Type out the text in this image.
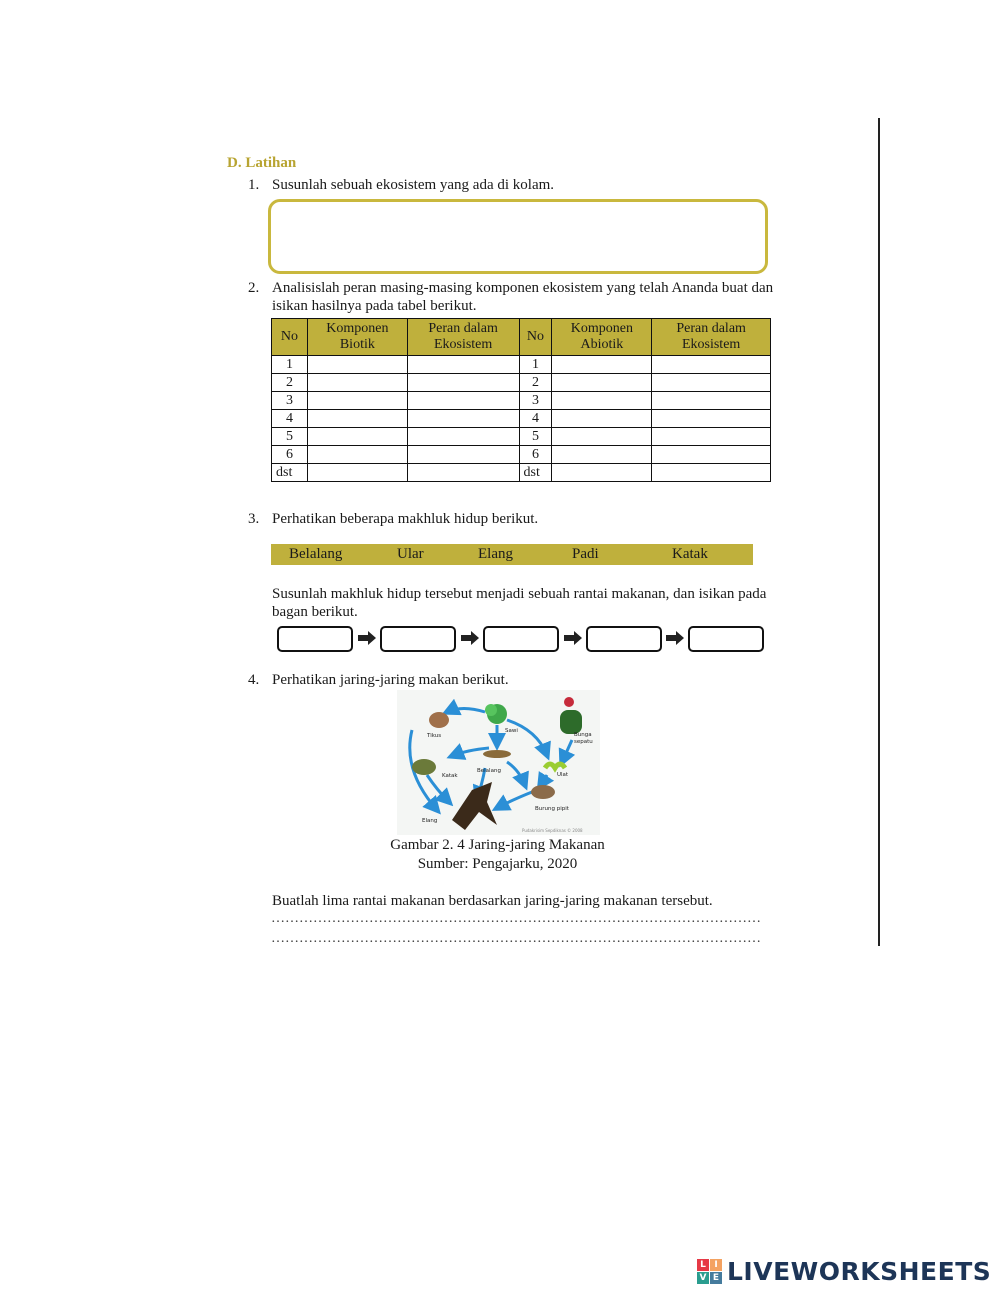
D. Latihan
1. Susunlah sebuah ekosistem yang ada di kolam.
2. Analisislah peran masing-masing komponen ekosistem yang telah Ananda buat dan isikan hasilnya pada tabel berikut.
No	Komponen Biotik	Peran dalam Ekosistem	No	Komponen Abiotik	Peran dalam Ekosistem
1			1		
2			2		
3			3		
4			4		
5			5		
6			6		
dst			dst		
3. Perhatikan beberapa makhluk hidup berikut.
Belalang	Ular	Elang	Padi	Katak
Susunlah makhluk hidup tersebut menjadi sebuah rantai makanan, dan isikan pada bagan berikut.
4. Perhatikan jaring-jaring makan berikut.
Tikus
Sawi
Bunga
sepatu
Katak
Belalang
Ulat
Burung pipit
Elang
Pudakrisim Sepdiknas © 2008
Gambar 2. 4 Jaring-jaring Makanan
Sumber: Pengajarku, 2020
Buatlah lima rantai makanan berdasarkan jaring-jaring makanan tersebut.
……………………………………………………………………………………………
……………………………………………………………………………………………
L I
V E LIVEWORKSHEETS
